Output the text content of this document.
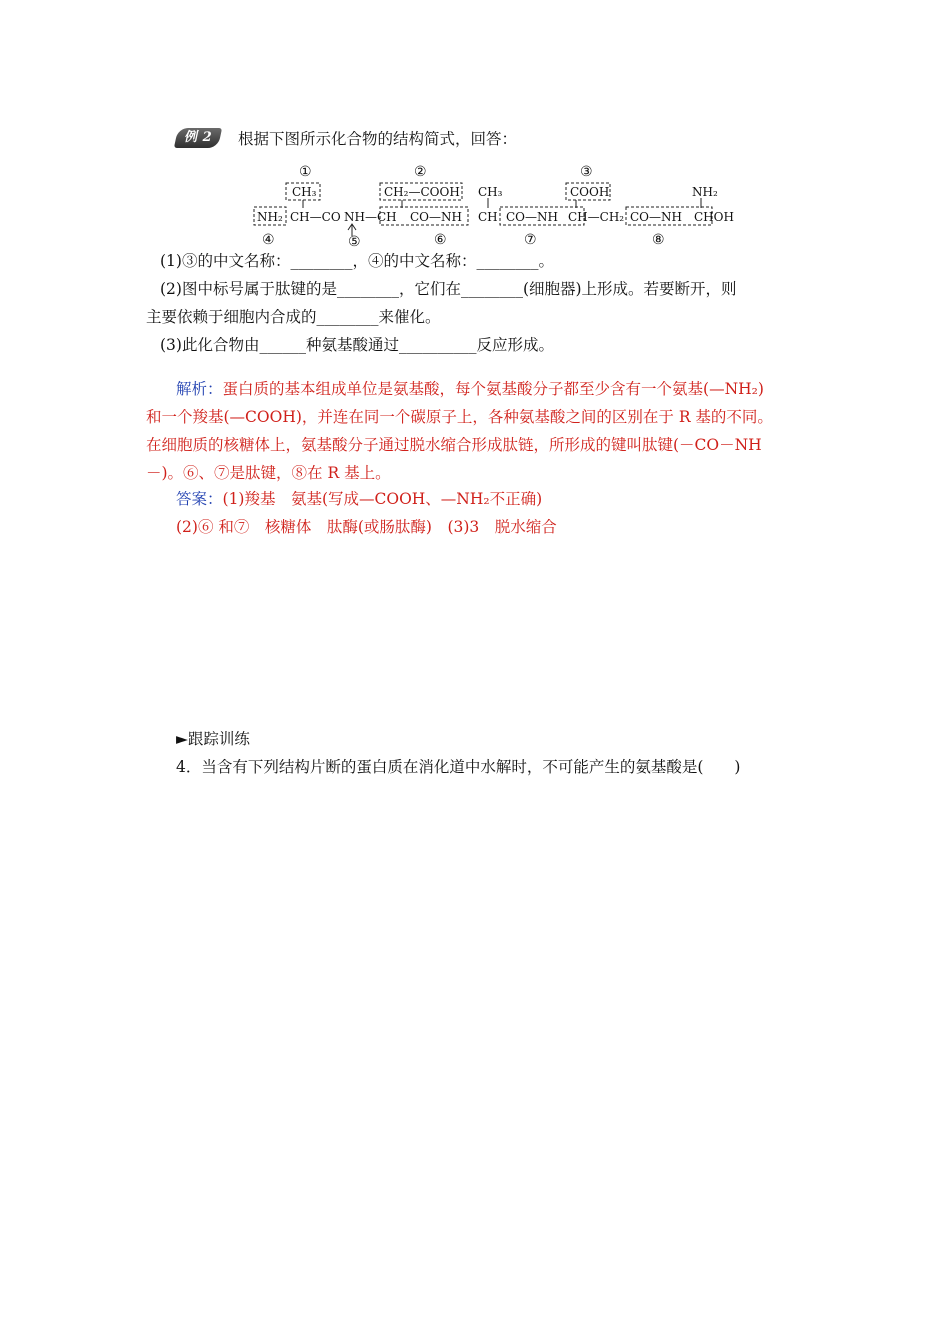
例 2	根据下图所示化合物的结构简式，回答：
①	②	③
CH₃	CH₂—COOH CH₃	COOH	NH₂
NH₂ CH—CO NH—CH CO—NH CH CO—NH CH—CH₂ CO—NH CHOH
④	⑤	⑥	⑦	⑧
(1)③的中文名称：________，④的中文名称：________。
(2)图中标号属于肽键的是________，它们在________(细胞器)上形成。若要断开，则
主要依赖于细胞内合成的________来催化。
(3)此化合物由______种氨基酸通过__________反应形成。
解析：蛋白质的基本组成单位是氨基酸，每个氨基酸分子都至少含有一个氨基(—NH₂)
和一个羧基(—COOH)，并连在同一个碳原子上，各种氨基酸之间的区别在于 R 基的不同。
在细胞质的核糖体上，氨基酸分子通过脱水缩合形成肽链，所形成的键叫肽键(－CO－NH
－)。⑥、⑦是肽键，⑧在 R 基上。
答案：(1)羧基　氨基(写成—COOH、—NH₂不正确)
(2)⑥ 和⑦　核糖体　肽酶(或肠肽酶)　(3)3　脱水缩合
►跟踪训练
4．当含有下列结构片断的蛋白质在消化道中水解时，不可能产生的氨基酸是(　　)
